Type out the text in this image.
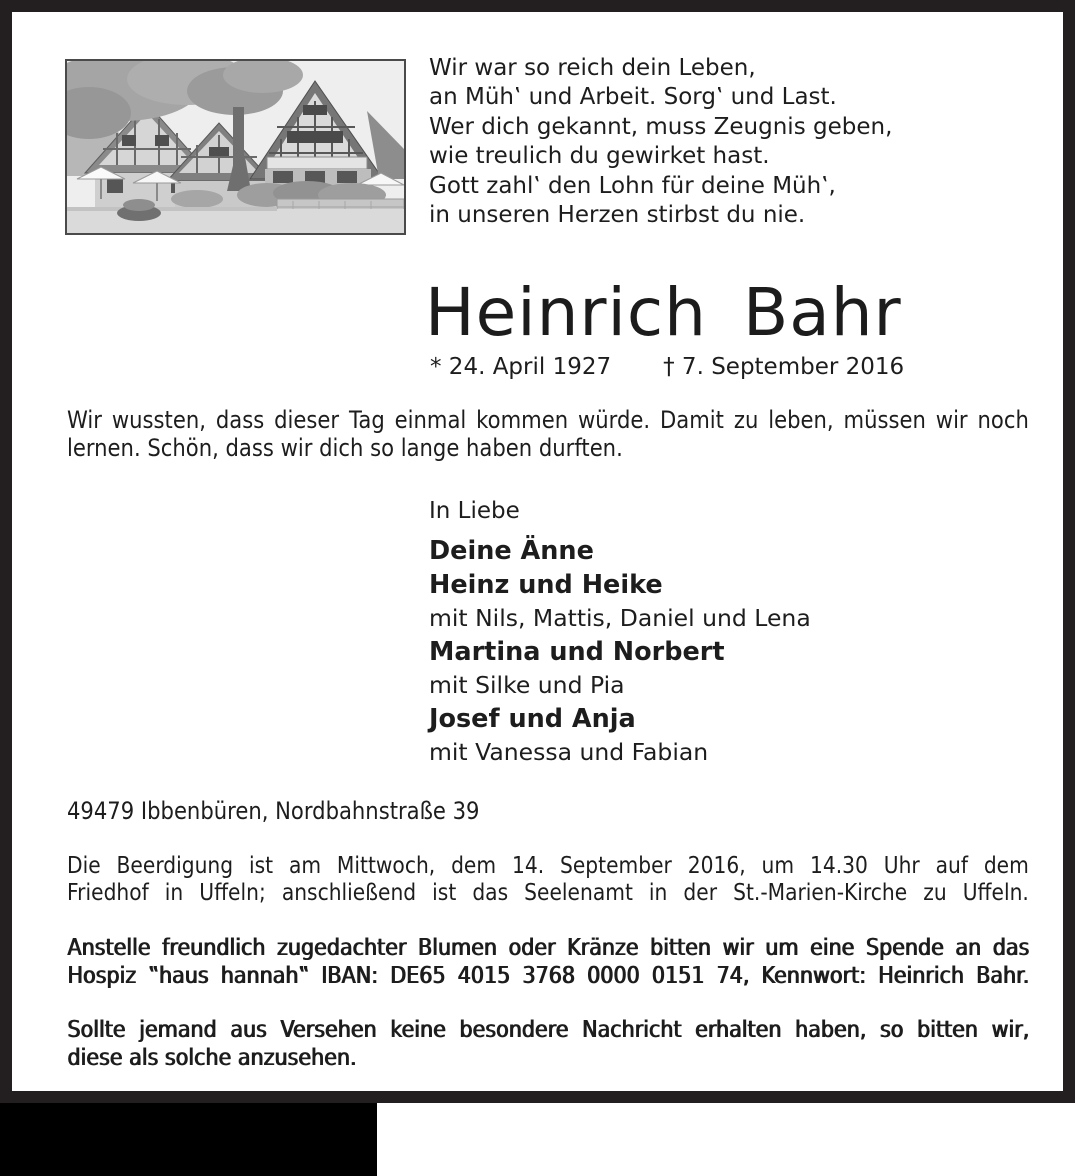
Wir war so reich dein Leben,
an Müh‛ und Arbeit. Sorg‛ und Last.
Wer dich gekannt, muss Zeugnis geben,
wie treulich du gewirket hast.
Gott zahl‛ den Lohn für deine Müh‛,
in unseren Herzen stirbst du nie.
Heinrich Bahr
* 24. April 1927 † 7. September 2016
Wir wussten, dass dieser Tag einmal kommen würde. Damit zu leben, müssen wir noch
lernen. Schön, dass wir dich so lange haben durften.
In Liebe
Deine Änne
Heinz und Heike
mit Nils, Mattis, Daniel und Lena
Martina und Norbert
mit Silke und Pia
Josef und Anja
mit Vanessa und Fabian
49479 Ibbenbüren, Nordbahnstraße 39
Die Beerdigung ist am Mittwoch, dem 14. September 2016, um 14.30 Uhr auf dem
Friedhof in Uffeln; anschließend ist das Seelenamt in der St.-Marien-Kirche zu Uffeln.
Anstelle freundlich zugedachter Blumen oder Kränze bitten wir um eine Spende an das
Hospiz ‟haus hannah‟ IBAN: DE65 4015 3768 0000 0151 74, Kennwort: Heinrich Bahr.
Sollte jemand aus Versehen keine besondere Nachricht erhalten haben, so bitten wir,
diese als solche anzusehen.
